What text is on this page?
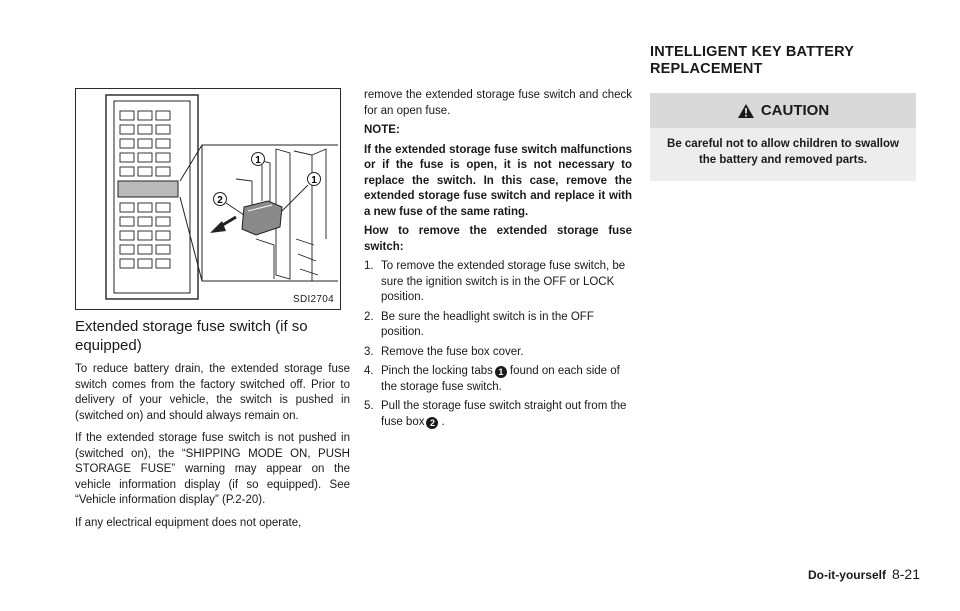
1
1
2
SDI2704
Extended storage fuse switch (if so equipped)

To reduce battery drain, the extended storage fuse switch comes from the factory switched off. Prior to delivery of your vehicle, the switch is pushed in (switched on) and should always remain on.

If the extended storage fuse switch is not pushed in (switched on), the “SHIPPING MODE ON, PUSH STORAGE FUSE” warning may appear on the vehicle information display (if so equipped). See “Vehicle information display” (P.2-20).

If any electrical equipment does not operate,

remove the extended storage fuse switch and check for an open fuse.

NOTE:

If the extended storage fuse switch malfunctions or if the fuse is open, it is not necessary to replace the switch. In this case, remove the extended storage fuse switch and replace it with a new fuse of the same rating.

How to remove the extended storage fuse switch:

1. To remove the extended storage fuse switch, be sure the ignition switch is in the OFF or LOCK position.
2. Be sure the headlight switch is in the OFF position.
3. Remove the fuse box cover.
4. Pinch the locking tabs 1 found on each side of the storage fuse switch.
5. Pull the storage fuse switch straight out from the fuse box 2 .
INTELLIGENT KEY BATTERY REPLACEMENT
CAUTION
Be careful not to allow children to swallow the battery and removed parts.
Do-it-yourself 8-21
